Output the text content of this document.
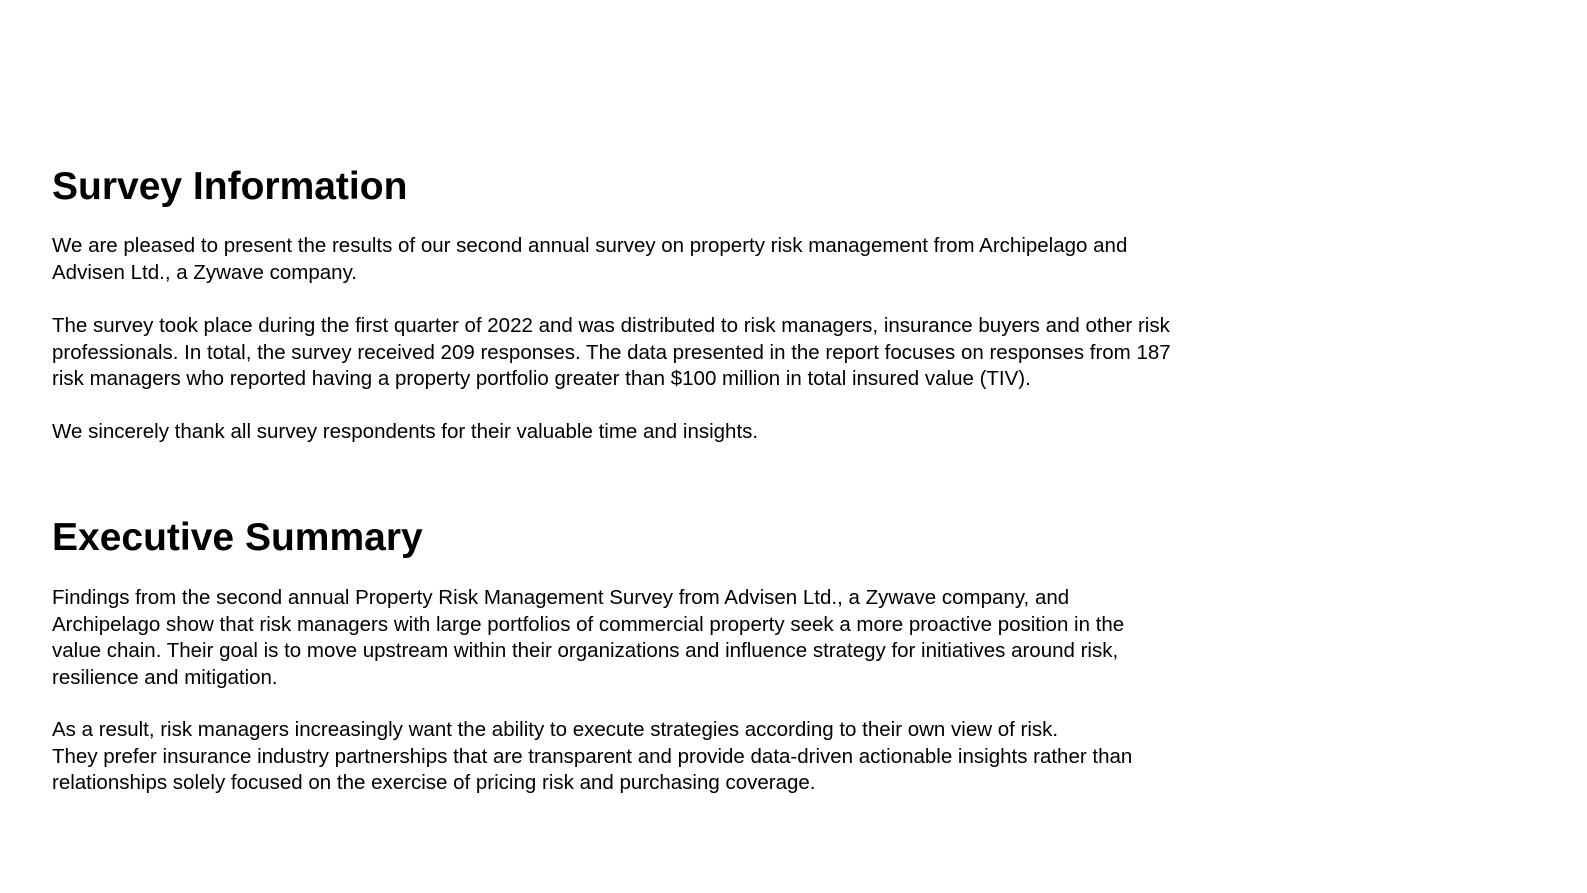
Survey Information

We are pleased to present the results of our second annual survey on property risk management from Archipelago and
Advisen Ltd., a Zywave company.

The survey took place during the first quarter of 2022 and was distributed to risk managers, insurance buyers and other risk
professionals. In total, the survey received 209 responses. The data presented in the report focuses on responses from 187
risk managers who reported having a property portfolio greater than $100 million in total insured value (TIV).

We sincerely thank all survey respondents for their valuable time and insights.

Executive Summary

Findings from the second annual Property Risk Management Survey from Advisen Ltd., a Zywave company, and
Archipelago show that risk managers with large portfolios of commercial property seek a more proactive position in the
value chain. Their goal is to move upstream within their organizations and influence strategy for initiatives around risk,
resilience and mitigation.

As a result, risk managers increasingly want the ability to execute strategies according to their own view of risk.
They prefer insurance industry partnerships that are transparent and provide data-driven actionable insights rather than
relationships solely focused on the exercise of pricing risk and purchasing coverage.
